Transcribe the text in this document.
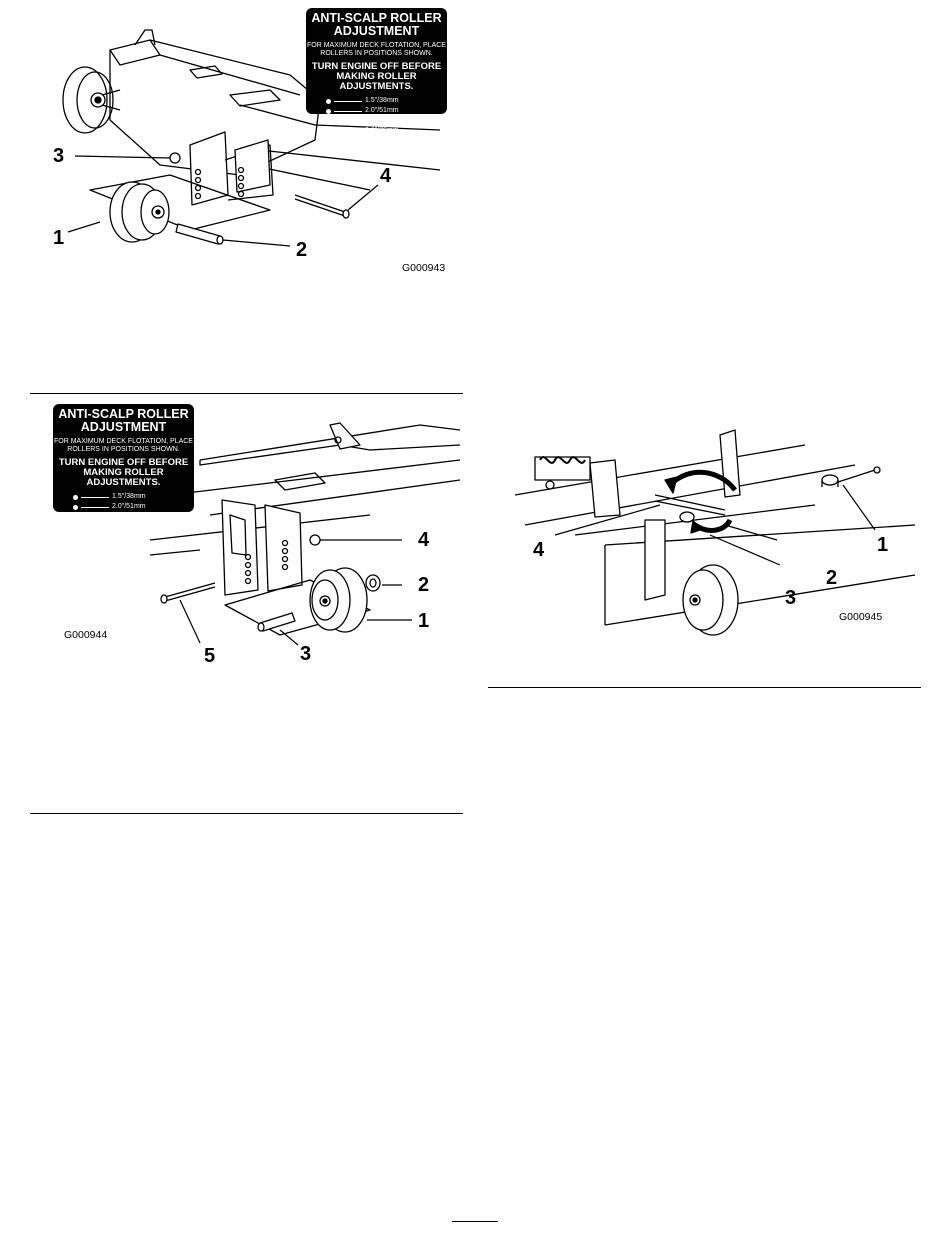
ANTI-SCALP ROLLER ADJUSTMENT
FOR MAXIMUM DECK FLOTATION, PLACE ROLLERS IN POSITIONS SHOWN.
TURN ENGINE OFF BEFORE MAKING ROLLER ADJUSTMENTS.
1.5"/38mm
2.0"/51mm
2.5"/63mm
3.0"/76mm
3
4
1
2
G000943
ANTI-SCALP ROLLER ADJUSTMENT
FOR MAXIMUM DECK FLOTATION, PLACE ROLLERS IN POSITIONS SHOWN.
TURN ENGINE OFF BEFORE MAKING ROLLER ADJUSTMENTS.
1.5"/38mm
2.0"/51mm
2.5"/63mm
3.0"/76mm
4
2
1
3
5
G000944
1
4
2
3
G000945
